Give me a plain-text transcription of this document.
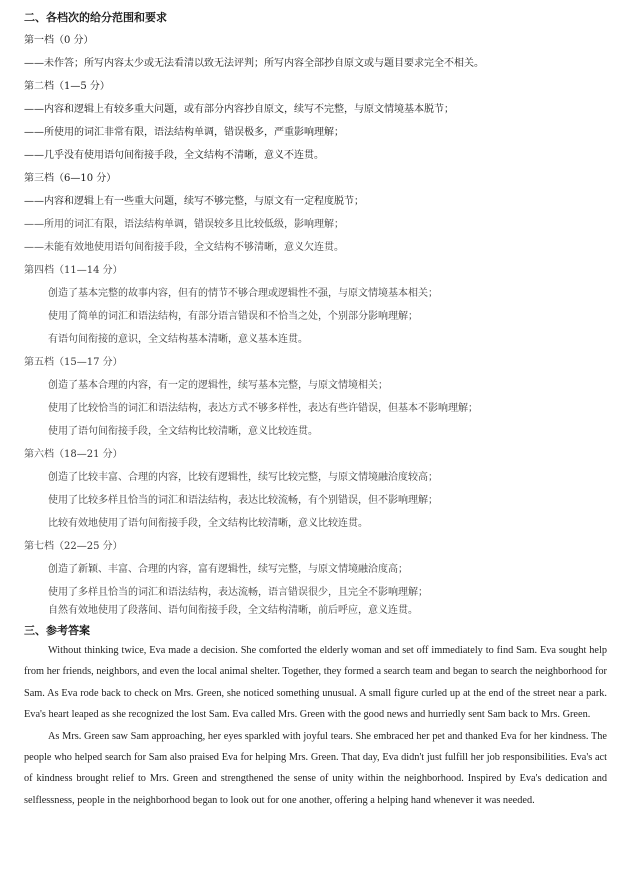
二、各档次的给分范围和要求
第一档（0 分）
——未作答；所写内容太少或无法看清以致无法评判；所写内容全部抄自原文或与题目要求完全不相关。
第二档（1—5 分）
——内容和逻辑上有较多重大问题，或有部分内容抄自原文，续写不完整，与原文情境基本脱节；
——所使用的词汇非常有限，语法结构单调，错误极多，严重影响理解；
——几乎没有使用语句间衔接手段，全文结构不清晰，意义不连贯。
第三档（6—10 分）
——内容和逻辑上有一些重大问题，续写不够完整，与原文有一定程度脱节；
——所用的词汇有限，语法结构单调，错误较多且比较低级，影响理解；
——未能有效地使用语句间衔接手段，全文结构不够清晰，意义欠连贯。
第四档（11—14 分）
创造了基本完整的故事内容，但有的情节不够合理或逻辑性不强，与原文情境基本相关；
使用了简单的词汇和语法结构，有部分语言错误和不恰当之处，个别部分影响理解；
有语句间衔接的意识，全文结构基本清晰，意义基本连贯。
第五档（15—17 分）
创造了基本合理的内容，有一定的逻辑性，续写基本完整，与原文情境相关；
使用了比较恰当的词汇和语法结构，表达方式不够多样性，表达有些许错误，但基本不影响理解；
使用了语句间衔接手段，全文结构比较清晰，意义比较连贯。
第六档（18—21 分）
创造了比较丰富、合理的内容，比较有逻辑性，续写比较完整，与原文情境融洽度较高；
使用了比较多样且恰当的词汇和语法结构，表达比较流畅，有个别错误，但不影响理解；
比较有效地使用了语句间衔接手段，全文结构比较清晰，意义比较连贯。
第七档（22—25 分）
创造了新颖、丰富、合理的内容，富有逻辑性，续写完整，与原文情境融洽度高；
使用了多样且恰当的词汇和语法结构，表达流畅，语言错误很少，且完全不影响理解；
自然有效地使用了段落间、语句间衔接手段，全文结构清晰，前后呼应，意义连贯。
三、参考答案

Without thinking twice, Eva made a decision. She comforted the elderly woman and set off immediately to find Sam. Eva sought help from her friends, neighbors, and even the local animal shelter. Together, they formed a search team and began to search the neighborhood for Sam. As Eva rode back to check on Mrs. Green, she noticed something unusual. A small figure curled up at the end of the street near a park. Eva's heart leaped as she recognized the lost Sam. Eva called Mrs. Green with the good news and hurriedly sent Sam back to Mrs. Green.

As Mrs. Green saw Sam approaching, her eyes sparkled with joyful tears. She embraced her pet and thanked Eva for her kindness. The people who helped search for Sam also praised Eva for helping Mrs. Green. That day, Eva didn't just fulfill her job responsibilities. Eva's act of kindness brought relief to Mrs. Green and strengthened the sense of unity within the neighborhood. Inspired by Eva's dedication and selflessness, people in the neighborhood began to look out for one another, offering a helping hand whenever it was needed.
